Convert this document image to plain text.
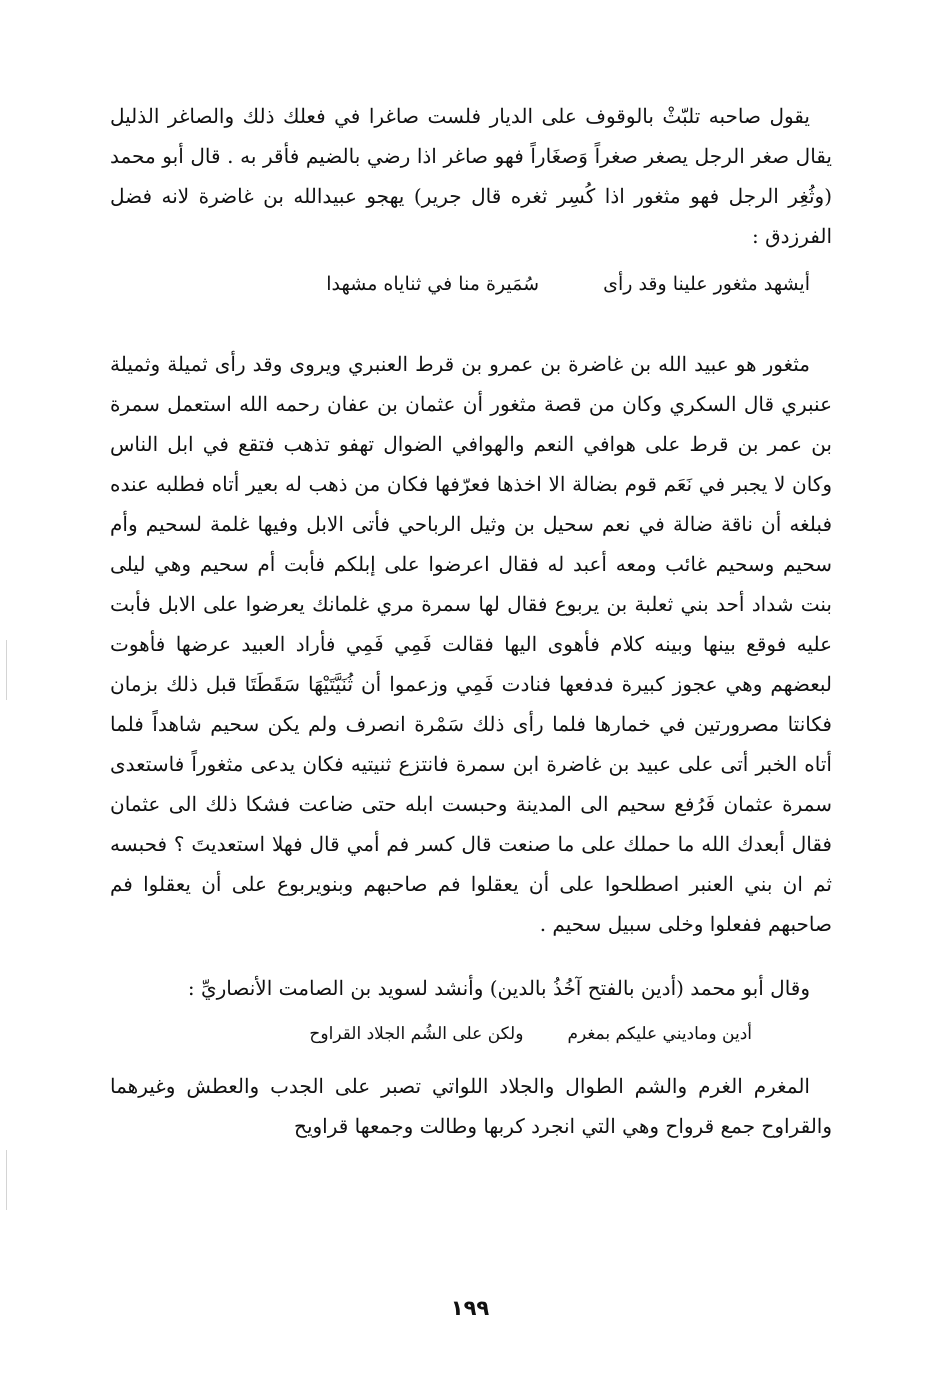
يقول صاحبه تلبّثْ بالوقوف على الديار فلست صاغرا في فعلك ذلك والصاغر الذليل يقال صغر الرجل يصغر صغراً وَصغَاراً فهو صاغر اذا رضي بالضيم فأقر به . قال أبو محمد (وثُغِر الرجل فهو مثغور اذا كُسِر ثغره قال جرير) يهجو عبيدالله بن غاضرة لانه فضل الفرزدق :

أيشهد مثغور علينا وقد رأى
سُمَيرة منا في ثناياه مشهدا

مثغور هو عبيد الله بن غاضرة بن عمرو بن قرط العنبري ويروى وقد رأى ثميلة وثميلة عنبري قال السكري وكان من قصة مثغور أن عثمان بن عفان رحمه الله استعمل سمرة بن عمر بن قرط على هوافي النعم والهوافي الضوال تهفو تذهب فتقع في ابل الناس وكان لا يجبر في نَعَم قوم بضالة الا اخذها فعرّفها فكان من ذهب له بعير أتاه فطلبه عنده فبلغه أن ناقة ضالة في نعم سحيل بن وثيل الرباحي فأتى الابل وفيها غلمة لسحيم وأم سحيم وسحيم غائب ومعه أعبد له فقال اعرضوا على إبلكم فأبت أم سحيم وهي ليلى بنت شداد أحد بني ثعلبة بن يربوع فقال لها سمرة مري غلمانك يعرضوا على الابل فأبت عليه فوقع بينها وبينه كلام فأهوى اليها فقالت فَمِي فَمِي فأراد العبيد عرضها فأهوت لبعضهم وهي عجوز كبيرة فدفعها فنادت فَمِي وزعموا أن ثُنَيَّتَيْهَا سَقَطَتَا قبل ذلك بزمان فكانتا مصرورتين في خمارها فلما رأى ذلك سَمْرة انصرف ولم يكن سحيم شاهداً فلما أتاه الخبر أتى على عبيد بن غاضرة ابن سمرة فانتزع ثنيتيه فكان يدعى مثغوراً فاستعدى سمرة عثمان فَرُفع سحيم الى المدينة وحبست ابله حتى ضاعت فشكا ذلك الى عثمان فقال أبعدك الله ما حملك على ما صنعت قال كسر فم أمي قال فهلا استعديتَ ؟ فحبسه ثم ان بني العنبر اصطلحوا على أن يعقلوا فم صاحبهم وبنويربوع على أن يعقلوا فم صاحبهم ففعلوا وخلى سبيل سحيم .

وقال أبو محمد (أدين بالفتح آخُذُ بالدين) وأنشد لسويد بن الصامت الأنصاريِّ :

أدين وماديني عليكم بمغرم
ولكن على الشُم الجلاد القراوح

المغرم الغرم والشم الطوال والجلاد اللواتي تصبر على الجدب والعطش وغيرهما والقراوح جمع قرواح وهي التي انجرد كربها وطالت وجمعها قراويح

١٩٩
